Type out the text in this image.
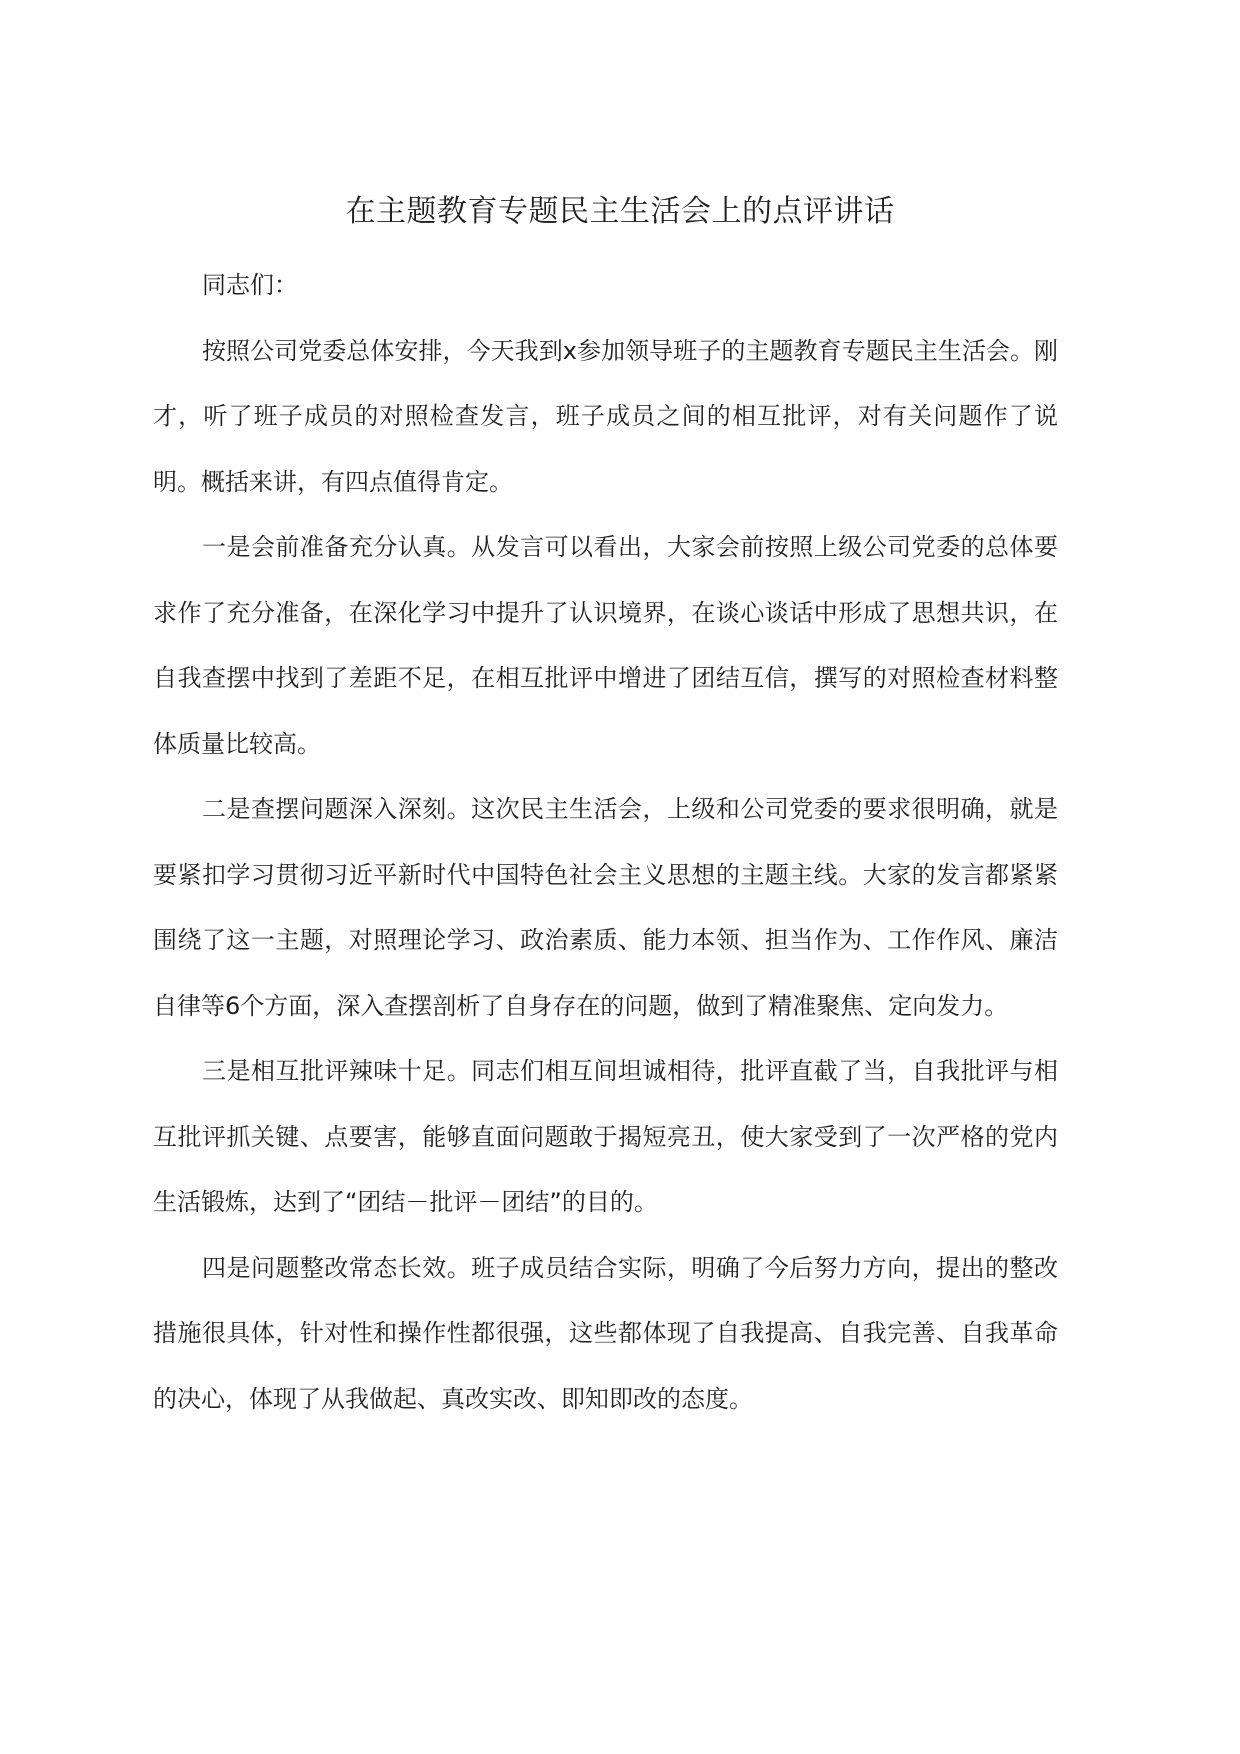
在主题教育专题民主生活会上的点评讲话

同志们：

按照公司党委总体安排，今天我到x参加领导班子的主题教育专题民主生活会。刚才，听了班子成员的对照检查发言，班子成员之间的相互批评，对有关问题作了说明。概括来讲，有四点值得肯定。

一是会前准备充分认真。从发言可以看出，大家会前按照上级公司党委的总体要求作了充分准备，在深化学习中提升了认识境界，在谈心谈话中形成了思想共识，在自我查摆中找到了差距不足，在相互批评中增进了团结互信，撰写的对照检查材料整体质量比较高。

二是查摆问题深入深刻。这次民主生活会，上级和公司党委的要求很明确，就是要紧扣学习贯彻习近平新时代中国特色社会主义思想的主题主线。大家的发言都紧紧围绕了这一主题，对照理论学习、政治素质、能力本领、担当作为、工作作风、廉洁自律等6个方面，深入查摆剖析了自身存在的问题，做到了精准聚焦、定向发力。

三是相互批评辣味十足。同志们相互间坦诚相待，批评直截了当，自我批评与相互批评抓关键、点要害，能够直面问题敢于揭短亮丑，使大家受到了一次严格的党内生活锻炼，达到了“团结－批评－团结”的目的。

四是问题整改常态长效。班子成员结合实际，明确了今后努力方向，提出的整改措施很具体，针对性和操作性都很强，这些都体现了自我提高、自我完善、自我革命的决心，体现了从我做起、真改实改、即知即改的态度。
